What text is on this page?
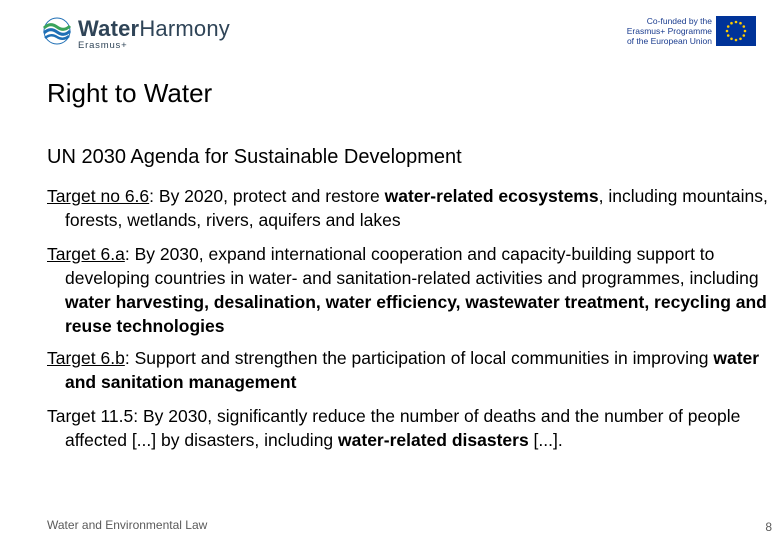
WaterHarmony
Erasmus+
Co-funded by the
Erasmus+ Programme
of the European Union
Right to Water
UN 2030 Agenda for Sustainable Development
Target no 6.6: By 2020, protect and restore water-related ecosystems, including mountains, forests, wetlands, rivers, aquifers and lakes
Target 6.a: By 2030, expand international cooperation and capacity-building support to developing countries in water- and sanitation-related activities and programmes, including water harvesting, desalination, water efficiency, wastewater treatment, recycling and reuse technologies
Target 6.b: Support and strengthen the participation of local communities in improving water and sanitation management
Target 11.5: By 2030, significantly reduce the number of deaths and the number of people affected [...] by disasters, including water-related disasters [...].
Water and Environmental Law	8
